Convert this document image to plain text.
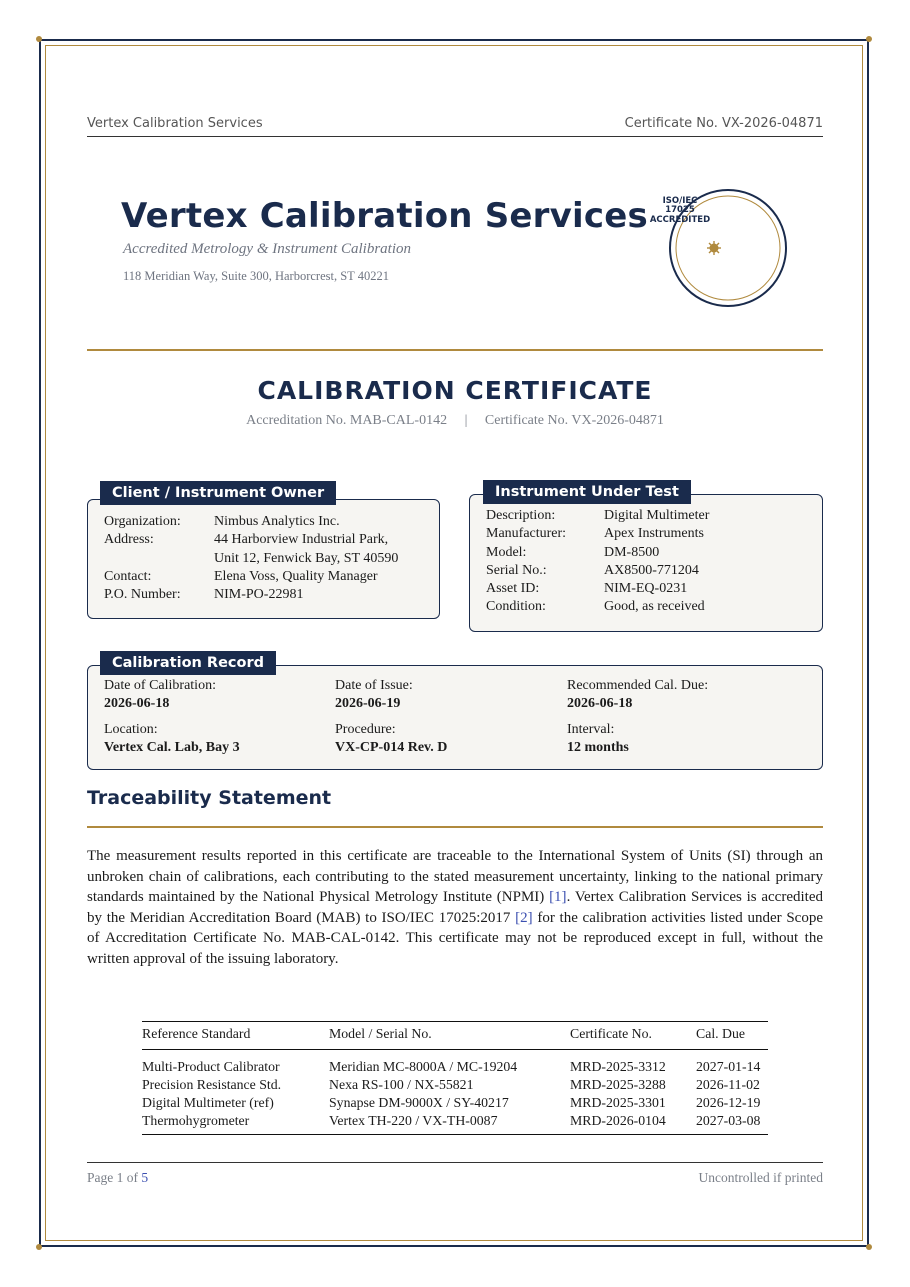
Vertex Calibration Services	Certificate No. VX-2026-04871
Vertex Calibration Services
Accredited Metrology & Instrument Calibration
118 Meridian Way, Suite 300, Harborcrest, ST 40221
ISO/IEC
17025
ACCREDITED
CALIBRATION CERTIFICATE
Accreditation No. MAB-CAL-0142 | Certificate No. VX-2026-04871
Client / Instrument Owner
Organization:	Nimbus Analytics Inc.
Address:	44 Harborview Industrial Park,
Unit 12, Fenwick Bay, ST 40590
Contact:	Elena Voss, Quality Manager
P.O. Number:	NIM-PO-22981
Instrument Under Test
Description:	Digital Multimeter
Manufacturer:	Apex Instruments
Model:	DM-8500
Serial No.:	AX8500-771204
Asset ID:	NIM-EQ-0231
Condition:	Good, as received
Calibration Record
Date of Calibration:
2026-06-18
Date of Issue:
2026-06-19
Recommended Cal. Due:
2026-06-18
Location:
Vertex Cal. Lab, Bay 3
Procedure:
VX-CP-014 Rev. D
Interval:
12 months
Traceability Statement
The measurement results reported in this certificate are traceable to the International System of Units (SI) through an unbroken chain of calibrations, each contributing to the stated measurement uncertainty, linking to the national primary standards maintained by the National Physical Metrology Institute (NPMI) [1]. Vertex Calibration Services is accredited by the Meridian Accreditation Board (MAB) to ISO/IEC 17025:2017 [2] for the calibration activities listed under Scope of Accreditation Certificate No. MAB-CAL-0142. This certificate may not be reproduced except in full, without the written approval of the issuing laboratory.
Reference Standard	Model / Serial No.	Certificate No.	Cal. Due
Multi-Product Calibrator	Meridian MC-8000A / MC-19204	MRD-2025-3312	2027-01-14
Precision Resistance Std.	Nexa RS-100 / NX-55821	MRD-2025-3288	2026-11-02
Digital Multimeter (ref)	Synapse DM-9000X / SY-40217	MRD-2025-3301	2026-12-19
Thermohygrometer	Vertex TH-220 / VX-TH-0087	MRD-2026-0104	2027-03-08
Page 1 of 5	Uncontrolled if printed
